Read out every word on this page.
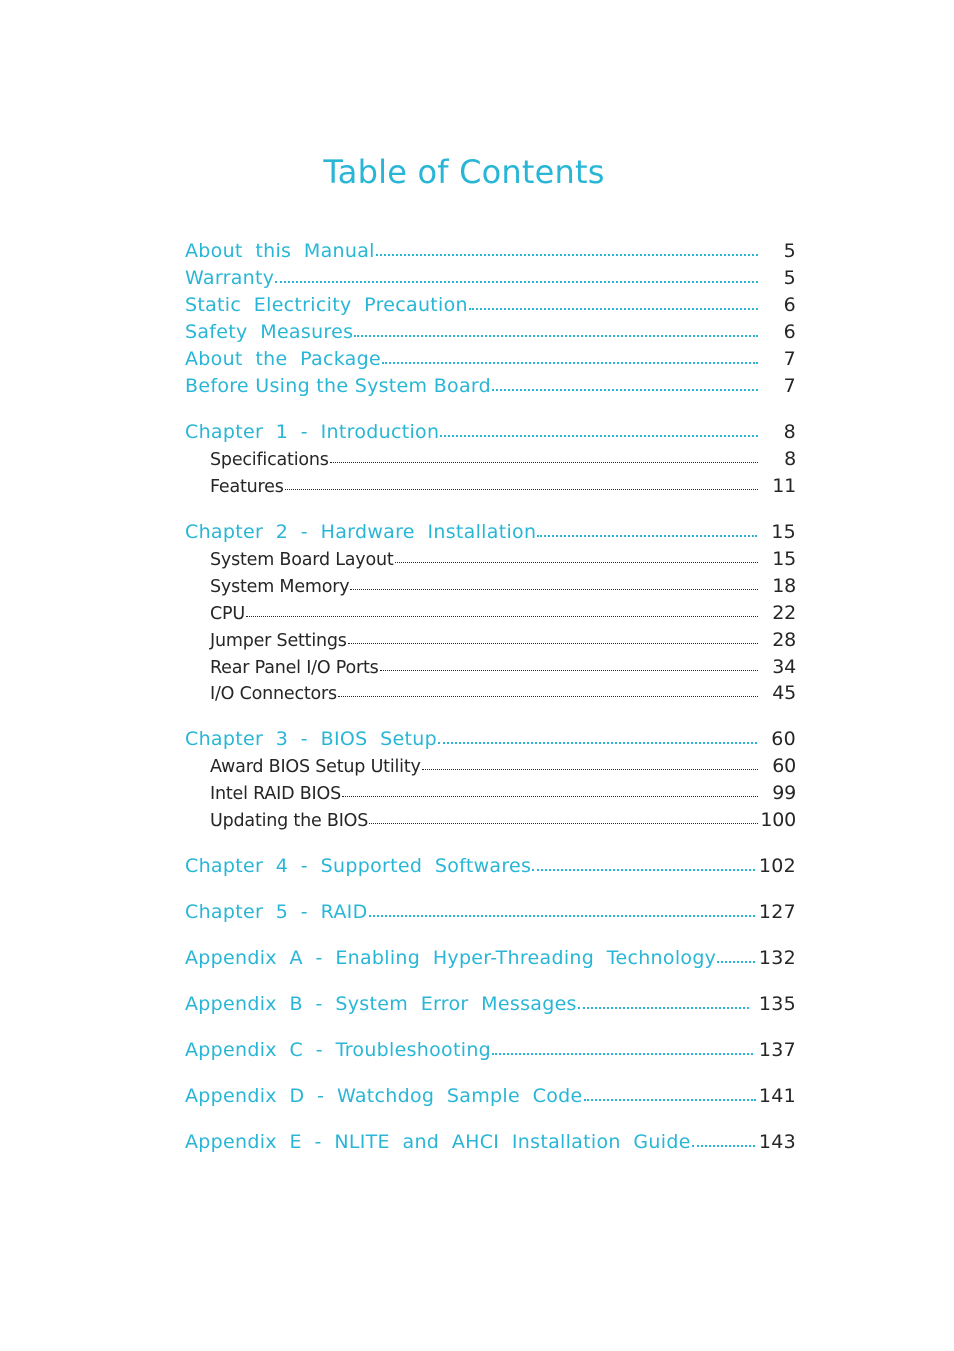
Table of Contents
About  this  Manual	5
Warranty	5
Static  Electricity  Precaution	6
Safety  Measures	6
About  the  Package	7
Before Using the System Board	7
Chapter  1  -  Introduction	8
Specifications	8
Features	11
Chapter  2  -  Hardware  Installation	15
System Board Layout	15
System Memory	18
CPU	22
Jumper Settings	28
Rear Panel I/O Ports	34
I/O Connectors	45
Chapter  3  -  BIOS  Setup	60
Award BIOS Setup Utility	60
Intel RAID BIOS	99
Updating the BIOS	100
Chapter  4  -  Supported  Softwares	102
Chapter  5  -  RAID	127
Appendix  A  -  Enabling  Hyper-Threading  Technology 132
Appendix  B  -  System  Error  Messages	135
Appendix  C  -  Troubleshooting	137
Appendix  D  -  Watchdog  Sample  Code	141
Appendix  E  -  NLITE  and  AHCI  Installation  Guide	143
